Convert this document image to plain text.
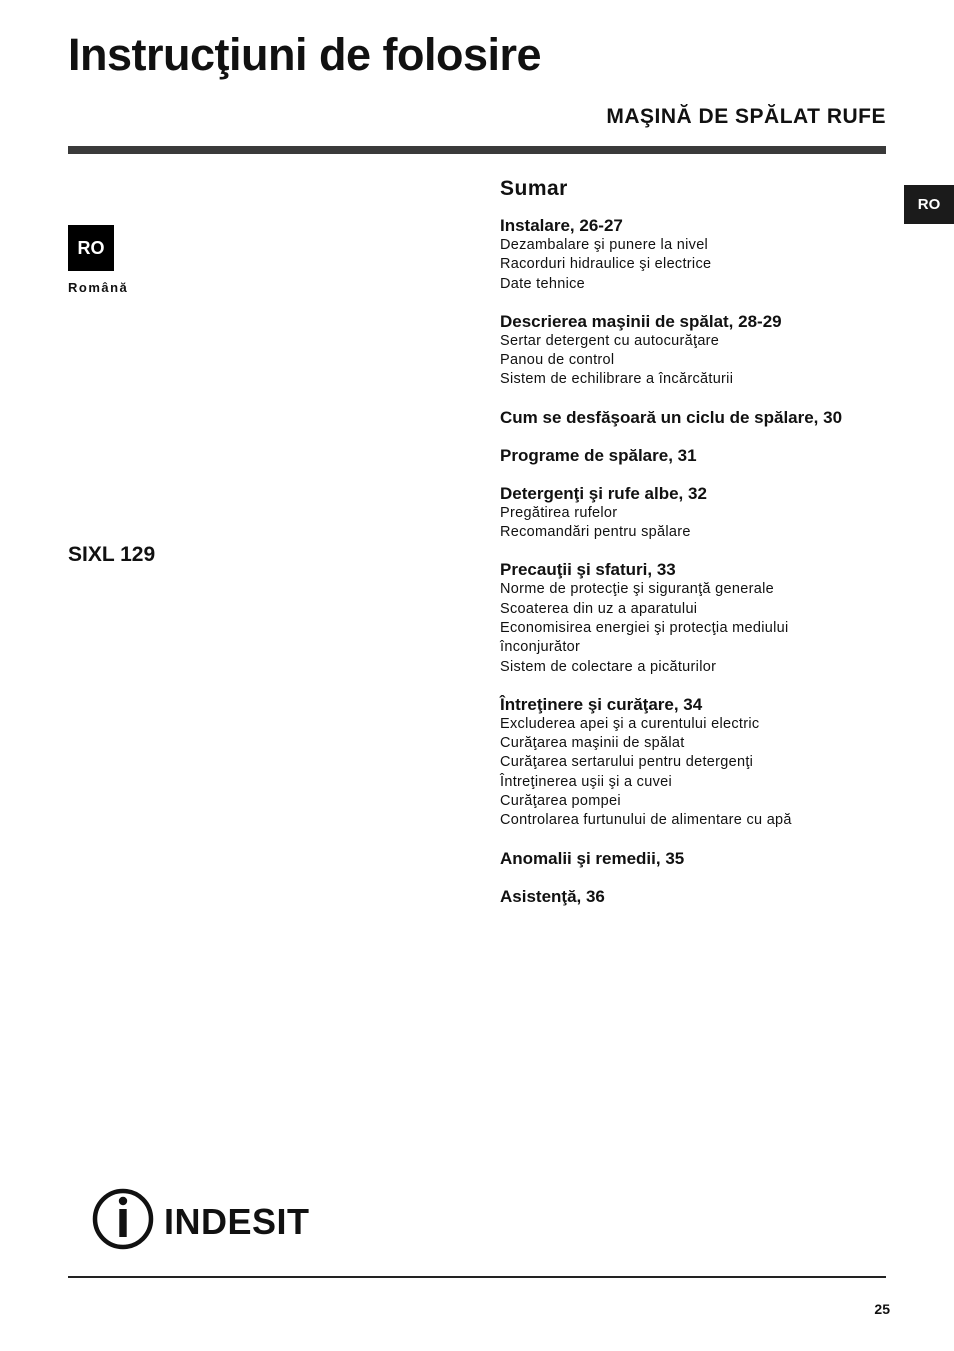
Instrucţiuni de folosire
MAŞINĂ DE SPĂLAT RUFE
RO
RO
Română
SIXL 129
Sumar
Instalare, 26-27
Dezambalare şi punere la nivel
Racorduri hidraulice şi electrice
Date tehnice
Descrierea maşinii de spălat, 28-29
Sertar detergent cu autocurăţare
Panou de control
Sistem de echilibrare a încărcăturii
Cum se desfăşoară un ciclu de spălare, 30
Programe de spălare, 31
Detergenţi şi rufe albe, 32
Pregătirea rufelor
Recomandări pentru spălare
Precauţii şi sfaturi, 33
Norme de protecţie şi siguranţă generale
Scoaterea din uz a aparatului
Economisirea energiei şi protecţia mediului
înconjurător
Sistem de colectare a picăturilor
Întreţinere şi curăţare, 34
Excluderea apei şi a curentului electric
Curăţarea maşinii de spălat
Curăţarea sertarului pentru detergenţi
Întreţinerea uşii şi a cuvei
Curăţarea pompei
Controlarea furtunului de alimentare cu apă
Anomalii şi remedii, 35
Asistenţă, 36
INDESIT
25
